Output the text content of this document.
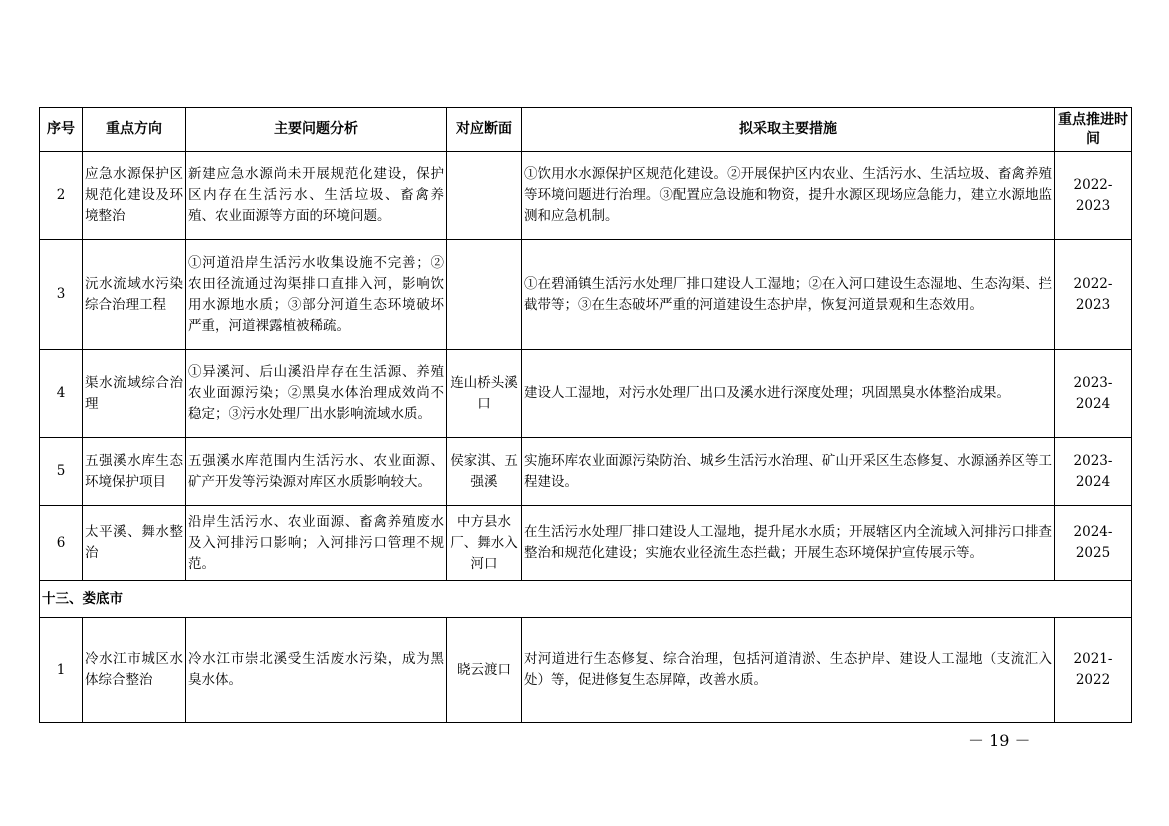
序号	重点方向	主要问题分析	对应断面	拟采取主要措施	重点推进时间
2	应急水源保护区规范化建设及环境整治	新建应急水源尚未开展规范化建设，保护区内存在生活污水、生活垃圾、畜禽养殖、农业面源等方面的环境问题。		①饮用水水源保护区规范化建设。②开展保护区内农业、生活污水、生活垃圾、畜禽养殖等环境问题进行治理。③配置应急设施和物资，提升水源区现场应急能力，建立水源地监测和应急机制。	2022-2023
3	沅水流域水污染综合治理工程	①河道沿岸生活污水收集设施不完善；②农田径流通过沟渠排口直排入河，影响饮用水源地水质；③部分河道生态环境破坏严重，河道裸露植被稀疏。		①在碧涌镇生活污水处理厂排口建设人工湿地；②在入河口建设生态湿地、生态沟渠、拦截带等；③在生态破坏严重的河道建设生态护岸，恢复河道景观和生态效用。	2022-2023
4	渠水流域综合治理	①异溪河、后山溪沿岸存在生活源、养殖农业面源污染；②黑臭水体治理成效尚不稳定；③污水处理厂出水影响流域水质。	连山桥头溪口	建设人工湿地，对污水处理厂出口及溪水进行深度处理；巩固黑臭水体整治成果。	2023-2024
5	五强溪水库生态环境保护项目	五强溪水库范围内生活污水、农业面源、矿产开发等污染源对库区水质影响较大。	侯家淇、五强溪	实施环库农业面源污染防治、城乡生活污水治理、矿山开采区生态修复、水源涵养区等工程建设。	2023-2024
6	太平溪、舞水整治	沿岸生活污水、农业面源、畜禽养殖废水及入河排污口影响；入河排污口管理不规范。	中方县水厂、舞水入河口	在生活污水处理厂排口建设人工湿地，提升尾水水质；开展辖区内全流域入河排污口排查整治和规范化建设；实施农业径流生态拦截；开展生态环境保护宣传展示等。	2024-2025
十三、娄底市					
1	冷水江市城区水体综合整治	冷水江市崇北溪受生活废水污染，成为黑臭水体。	晓云渡口	对河道进行生态修复、综合治理，包括河道清淤、生态护岸、建设人工湿地（支流汇入处）等，促进修复生态屏障，改善水质。	2021-2022
－ 19 －
